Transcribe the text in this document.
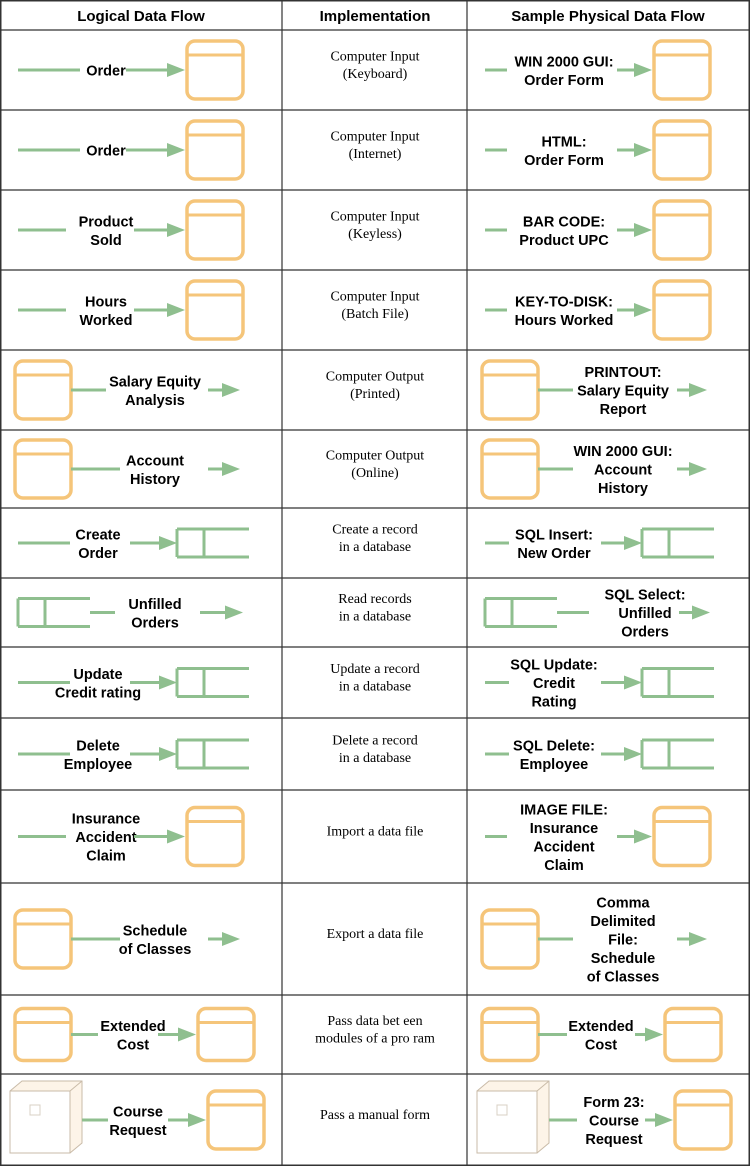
Logical Data Flow	Implementation	Sample Physical Data Flow
Order
Computer Input
(Keyboard)
WIN 2000 GUI:
Order Form
Order
Computer Input
(Internet)
HTML:
Order Form
Product
Sold
Computer Input
(Keyless)
BAR CODE:
Product UPC
Hours
Worked
Computer Input
(Batch File)
KEY-TO-DISK:
Hours Worked
Salary Equity
Analysis
Computer Output
(Printed)
PRINTOUT:
Salary Equity
Report
Account
History
Computer Output
(Online)
WIN 2000 GUI:
Account
History
Create
Order
Create a record
in a database
SQL Insert:
New Order
Unfilled
Orders
Read records
in a database
SQL Select:
Unfilled
Orders
Update
Credit rating
Update a record
in a database
SQL Update:
Credit
Rating
Delete
Employee
Delete a record
in a database
SQL Delete:
Employee
Insurance
Accident
Claim
Import a data file
IMAGE FILE:
Insurance
Accident
Claim
Schedule
of Classes
Export a data file
Comma
Delimited
File:
Schedule
of Classes
Extended
Cost
Pass data bet een
modules of a pro ram
Extended
Cost
Course
Request
Pass a manual form
Form 23:
Course
Request
